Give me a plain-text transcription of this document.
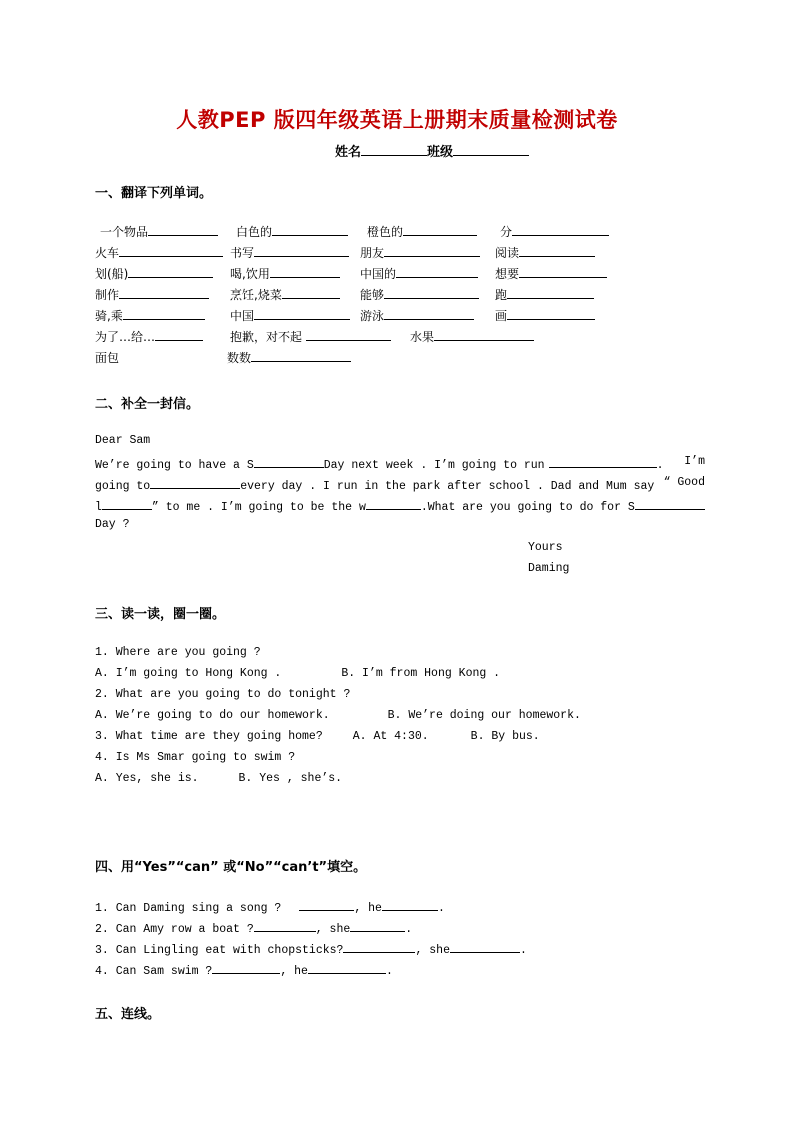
人教PEP 版四年级英语上册期末质量检测试卷
姓名	班级
一、翻译下列单词。
一个物品	白色的	橙色的	分
火车	书写	朋友	阅读
划(船)	喝,饮用	中国的	想要
制作	烹饪,烧菜	能够	跑
骑,乘	中国	游泳	画
为了…给…	抱歉，对不起	水果
面包	数数
二、补全一封信。
Dear Sam
We’re going to have a S	Day next week . I’m going to run	. I’m
going to	every day . I run in the park after school . Dad and Mum say “ Good
l	” to me . I’m going to be the w	.What are you going to do for S
Day ?
Yours
Daming
三、读一读，圈一圈。
1. Where are you going ?
A. I’m going to Hong Kong .	B. I’m from Hong Kong .
2. What are you going to do tonight ?
A. We’re going to do our homework.	B. We’re doing our homework.
3. What time are they going home?	A. At 4:30.	B. By bus.
4. Is Ms Smar going to swim ?
A. Yes, she is.	B. Yes , she’s.
四、用“Yes”“can” 或“No”“can’t”填空。
1. Can Daming sing a song ?	, he	.
2. Can Amy row a boat ?	, she	.
3. Can Lingling eat with chopsticks?	, she	.
4. Can Sam swim ?	, he	.
五、连线。
